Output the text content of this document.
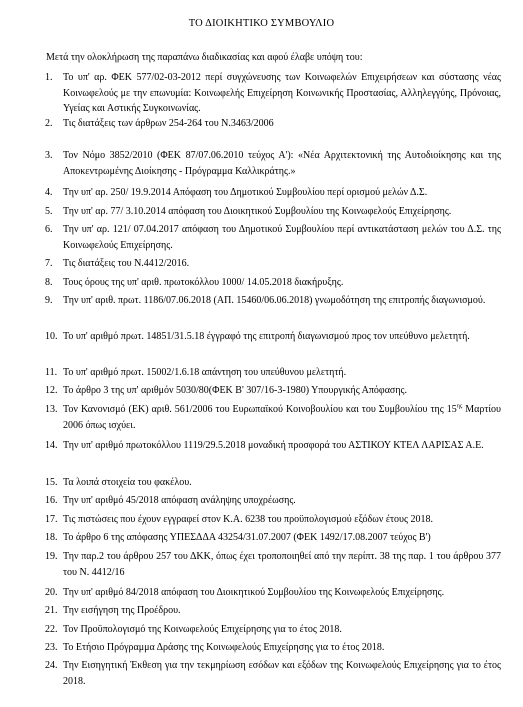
ΤΟ ΔΙΟΙΚΗΤΙΚΟ ΣΥΜΒΟΥΛΙΟ
Μετά την ολοκλήρωση της παραπάνω διαδικασίας και αφού έλαβε υπόψη του:
1.	Το υπ' αρ. ΦΕΚ 577/02-03-2012 περί συγχώνευσης των Κοινωφελών Επιχειρήσεων και σύστασης νέας Κοινωφελούς με την επωνυμία: Κοινωφελής Επιχείρηση Κοινωνικής Προστασίας, Αλληλεγγύης, Πρόνοιας, Υγείας και Αστικής Συγκοινωνίας.
2.	Τις διατάξεις των άρθρων 254-264 του Ν.3463/2006
3.	Τον Νόμο 3852/2010 (ΦΕΚ 87/07.06.2010 τεύχος Α'): «Νέα Αρχιτεκτονική της Αυτοδιοίκησης και της Αποκεντρωμένης Διοίκησης - Πρόγραμμα Καλλικράτης.»
4.	Την υπ' αρ. 250/ 19.9.2014 Απόφαση του Δημοτικού Συμβουλίου περί ορισμού μελών Δ.Σ.
5.	Την υπ' αρ. 77/ 3.10.2014 απόφαση του Διοικητικού Συμβουλίου της Κοινωφελούς Επιχείρησης.
6.	Την υπ' αρ. 121/ 07.04.2017 απόφαση του Δημοτικού Συμβουλίου περί αντικατάσταση μελών του Δ.Σ. της Κοινωφελούς Επιχείρησης.
7.	Τις διατάξεις του Ν.4412/2016.
8.	Τους όρους της υπ' αριθ. πρωτοκόλλου 1000/ 14.05.2018 διακήρυξης.
9.	Την υπ' αριθ. πρωτ. 1186/07.06.2018 (ΑΠ. 15460/06.06.2018) γνωμοδότηση της επιτροπής διαγωνισμού.
10. Το υπ' αριθμό πρωτ. 14851/31.5.18 έγγραφό της επιτροπή διαγωνισμού προς τον υπεύθυνο μελετητή.
11. Το υπ' αριθμό πρωτ. 15002/1.6.18 απάντηση του υπεύθυνου μελετητή.
12. Το άρθρο 3 της υπ' αριθμόν 5030/80(ΦΕΚ Β' 307/16-3-1980) Υπουργικής Απόφασης.
13. Τον Κανονισμό (ΕΚ) αριθ. 561/2006 του Ευρωπαϊκού Κοινοβουλίου και του Συμβουλίου της $15^{\eta\varsigma}$ Μαρτίου 2006 όπως ισχύει.
14. Την υπ' αριθμό πρωτοκόλλου 1119/29.5.2018 μοναδική προσφορά του ΑΣΤΙΚΟΥ ΚΤΕΛ ΛΑΡΙΣΑΣ Α.Ε.
15. Τα λοιπά στοιχεία του φακέλου.
16. Την υπ' αριθμό 45/2018 απόφαση ανάληψης υποχρέωσης.
17. Τις πιστώσεις που έχουν εγγραφεί στον Κ.Α. 6238 του προϋπολογισμού εξόδων έτους 2018.
18. Το άρθρο 6 της απόφασης ΥΠΕΣΔΔΑ 43254/31.07.2007 (ΦΕΚ 1492/17.08.2007 τεύχος Β')
19. Την παρ.2 του άρθρου 257 του ΔΚΚ, όπως έχει τροποποιηθεί από την περίπτ. 38 της παρ. 1 του άρθρου 377 του Ν. 4412/16
20. Την υπ' αριθμό 84/2018 απόφαση του Διοικητικού Συμβουλίου της Κοινωφελούς Επιχείρησης.
21. Την εισήγηση της Προέδρου.
22. Τον Προϋπολογισμό της Κοινωφελούς Επιχείρησης για το έτος 2018.
23. Το Ετήσιο Πρόγραμμα Δράσης της Κοινωφελούς Επιχείρησης για το έτος 2018.
24. Την Εισηγητική Έκθεση για την τεκμηρίωση εσόδων και εξόδων της Κοινωφελούς Επιχείρησης για το έτος 2018.
